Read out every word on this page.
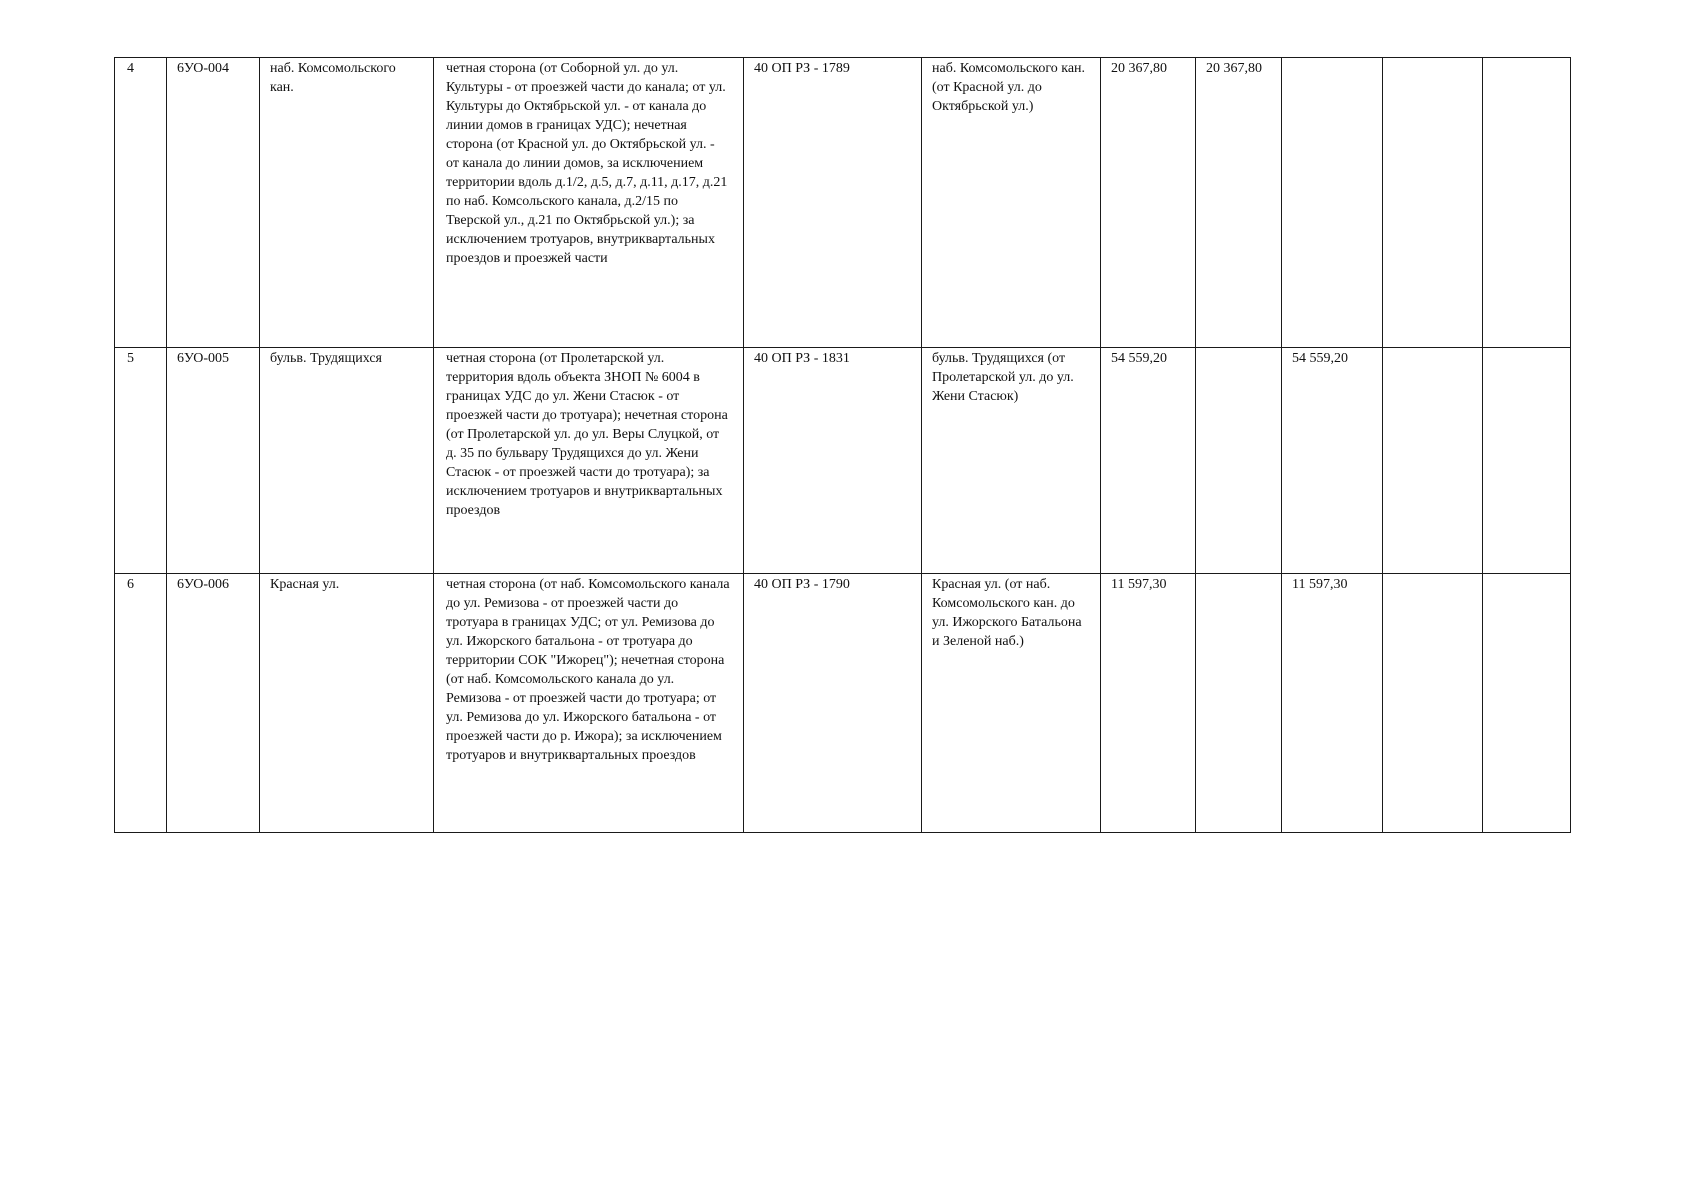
4	6УО-004	наб. Комсомольского кан.	четная сторона (от Соборной ул. до ул. Культуры - от проезжей части до канала; от ул. Культуры до Октябрьской ул. - от канала до линии домов в границах УДС); нечетная сторона (от Красной ул. до Октябрьской ул. - от канала до линии домов, за исключением территории вдоль д.1/2, д.5, д.7, д.11, д.17, д.21 по наб. Комсольского канала, д.2/15 по Тверской ул., д.21 по Октябрьской ул.); за исключением тротуаров, внутриквартальных проездов и проезжей части	40 ОП РЗ - 1789	наб. Комсомольского кан. (от Красной ул. до Октябрьской ул.)	20 367,80	20 367,80			
5	6УО-005	бульв. Трудящихся	четная сторона (от Пролетарской ул. территория вдоль объекта ЗНОП № 6004 в границах УДС до ул. Жени Стасюк - от проезжей части до тротуара); нечетная сторона (от Пролетарской ул. до ул. Веры Слуцкой, от д. 35 по бульвару Трудящихся до ул. Жени Стасюк - от проезжей части до тротуара); за исключением тротуаров и внутриквартальных проездов	40 ОП РЗ - 1831	бульв. Трудящихся (от Пролетарской ул. до ул. Жени Стасюк)	54 559,20		54 559,20		
6	6УО-006	Красная ул.	четная сторона (от наб. Комсомольского канала до ул. Ремизова - от проезжей части до тротуара в границах УДС; от ул. Ремизова до ул. Ижорского батальона - от тротуара до территории СОК "Ижорец"); нечетная сторона (от наб. Комсомольского канала до ул. Ремизова - от проезжей части до тротуара; от ул. Ремизова до ул. Ижорского батальона - от проезжей части до р. Ижора); за исключением тротуаров и внутриквартальных проездов	40 ОП РЗ - 1790	Красная ул. (от наб. Комсомольского кан. до ул. Ижорского Батальона и Зеленой наб.)	11 597,30		11 597,30		
